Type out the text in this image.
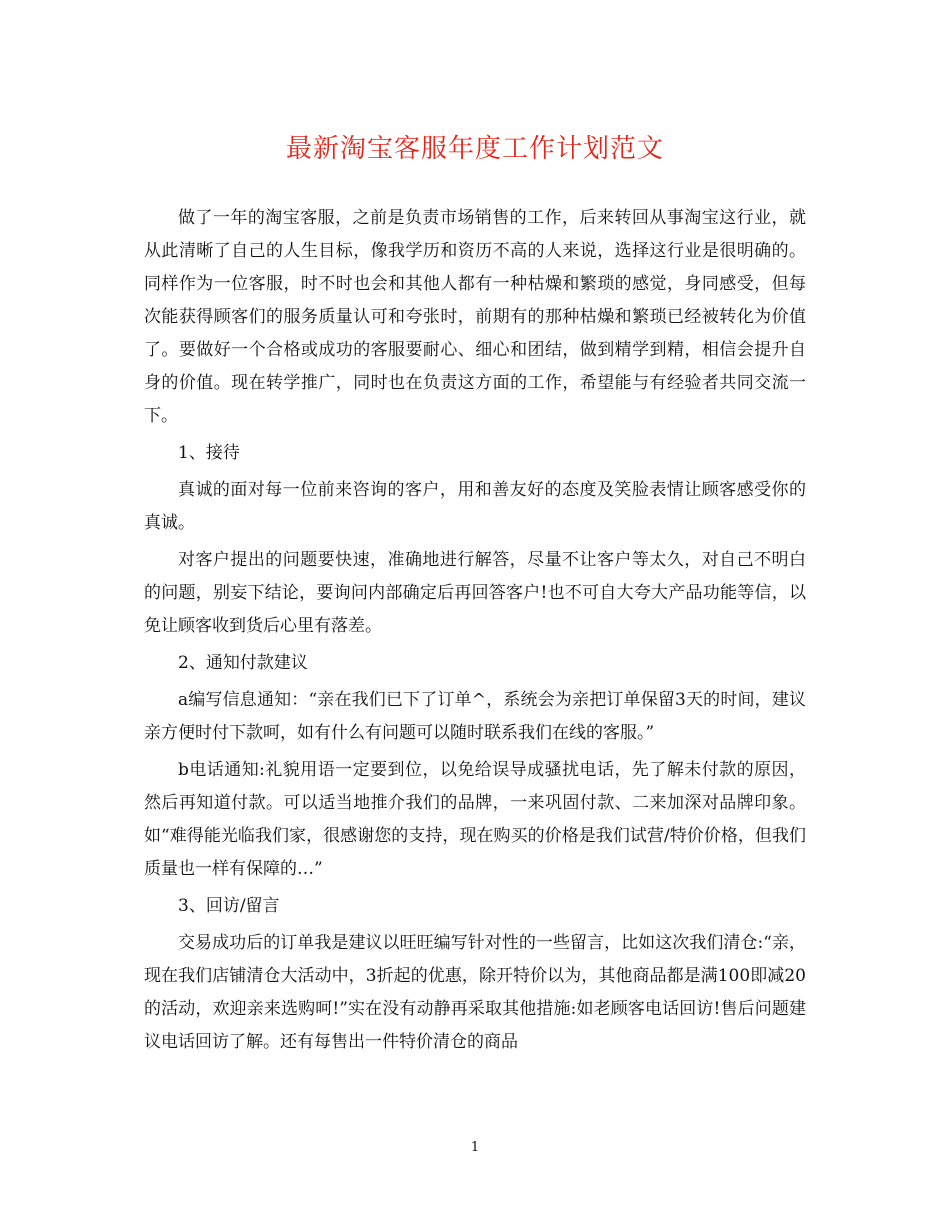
最新淘宝客服年度工作计划范文

做了一年的淘宝客服，之前是负责市场销售的工作，后来转回从事淘宝这行业，就从此清晰了自己的人生目标，像我学历和资历不高的人来说，选择这行业是很明确的。同样作为一位客服，时不时也会和其他人都有一种枯燥和繁琐的感觉，身同感受，但每次能获得顾客们的服务质量认可和夸张时，前期有的那种枯燥和繁琐已经被转化为价值了。要做好一个合格或成功的客服要耐心、细心和团结，做到精学到精，相信会提升自身的价值。现在转学推广，同时也在负责这方面的工作，希望能与有经验者共同交流一下。

1、接待

真诚的面对每一位前来咨询的客户，用和善友好的态度及笑脸表情让顾客感受你的真诚。

对客户提出的问题要快速，准确地进行解答，尽量不让客户等太久，对自己不明白的问题，别妄下结论，要询问内部确定后再回答客户!也不可自大夸大产品功能等信，以免让顾客收到货后心里有落差。

2、通知付款建议

a编写信息通知：“亲在我们已下了订单^，系统会为亲把订单保留3天的时间，建议亲方便时付下款呵，如有什么有问题可以随时联系我们在线的客服。”

b电话通知:礼貌用语一定要到位，以免给误导成骚扰电话，先了解未付款的原因，然后再知道付款。可以适当地推介我们的品牌，一来巩固付款、二来加深对品牌印象。如“难得能光临我们家，很感谢您的支持，现在购买的价格是我们试营/特价价格，但我们质量也一样有保障的…”

3、回访/留言

交易成功后的订单我是建议以旺旺编写针对性的一些留言，比如这次我们清仓:“亲，现在我们店铺清仓大活动中，3折起的优惠，除开特价以为，其他商品都是满100即减20的活动，欢迎亲来选购呵!”实在没有动静再采取其他措施:如老顾客电话回访!售后问题建议电话回访了解。还有每售出一件特价清仓的商品

1
